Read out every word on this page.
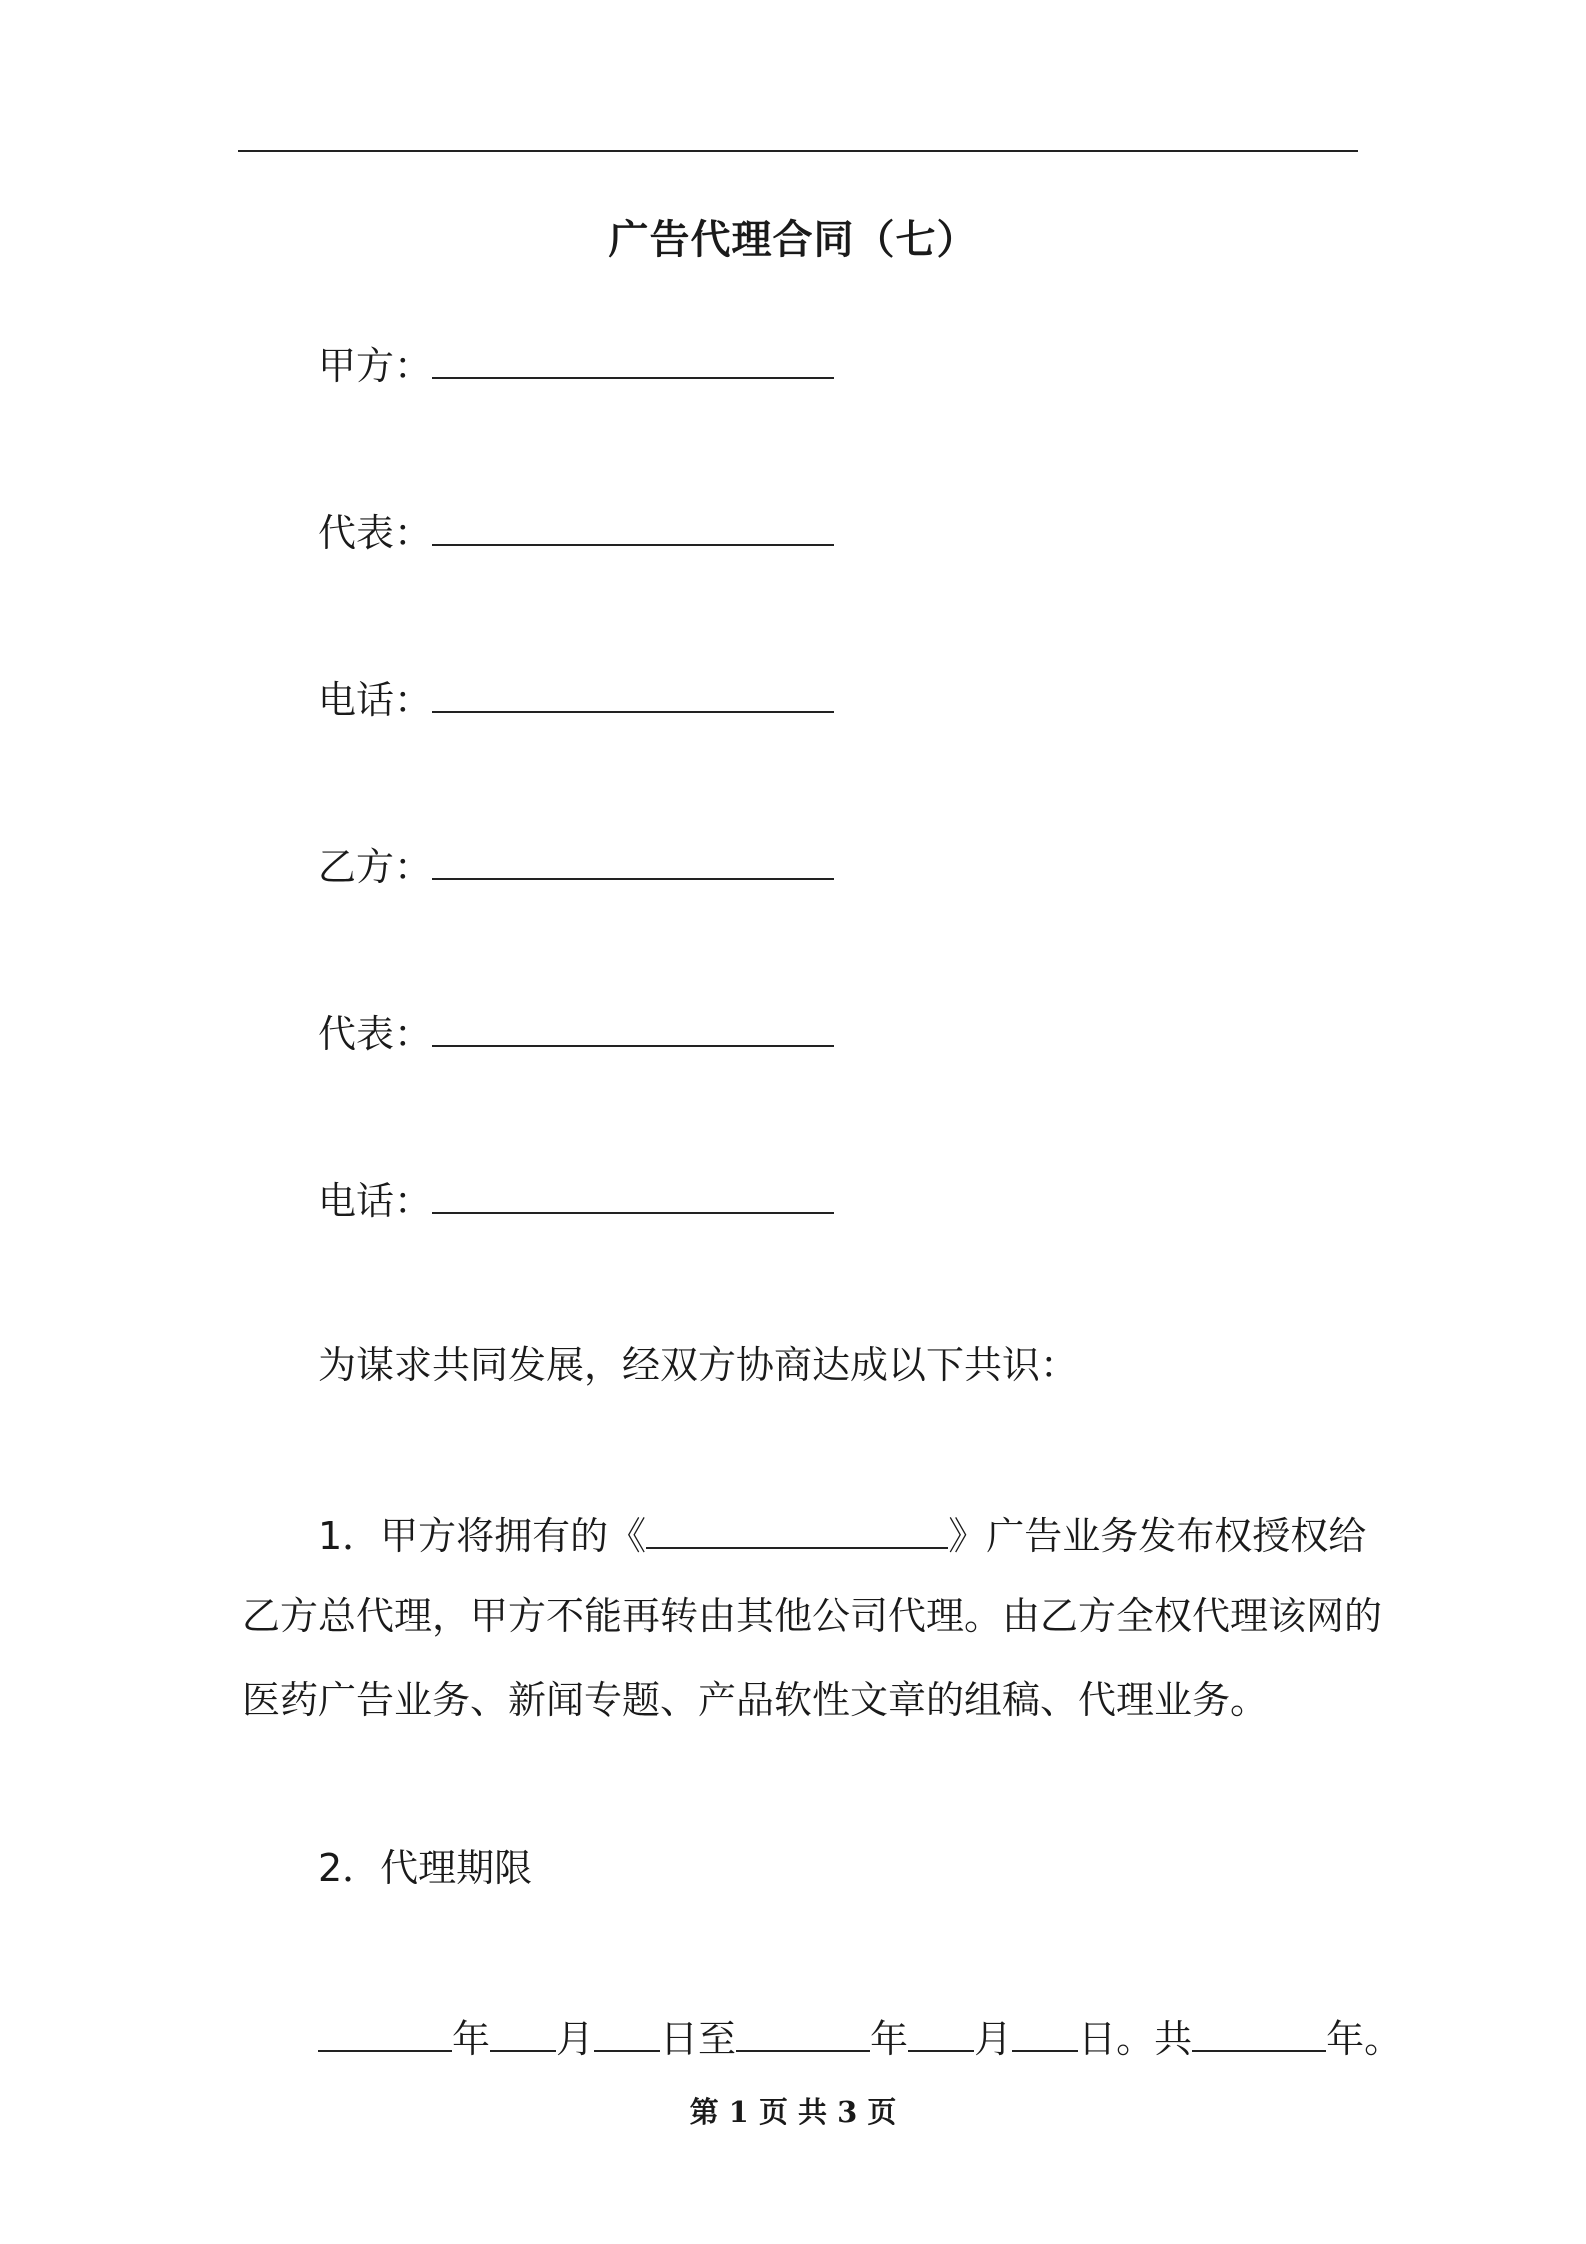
广告代理合同（七）
甲方：
代表：
电话：
乙方：
代表：
电话：
为谋求共同发展，经双方协商达成以下共识：
1．甲方将拥有的《	》广告业务发布权授权给
乙方总代理，甲方不能再转由其他公司代理。由乙方全权代理该网的
医药广告业务、新闻专题、产品软性文章的组稿、代理业务。
2．代理期限
年 月 日至	年 月 日。共	年。
第 1 页 共 3 页
